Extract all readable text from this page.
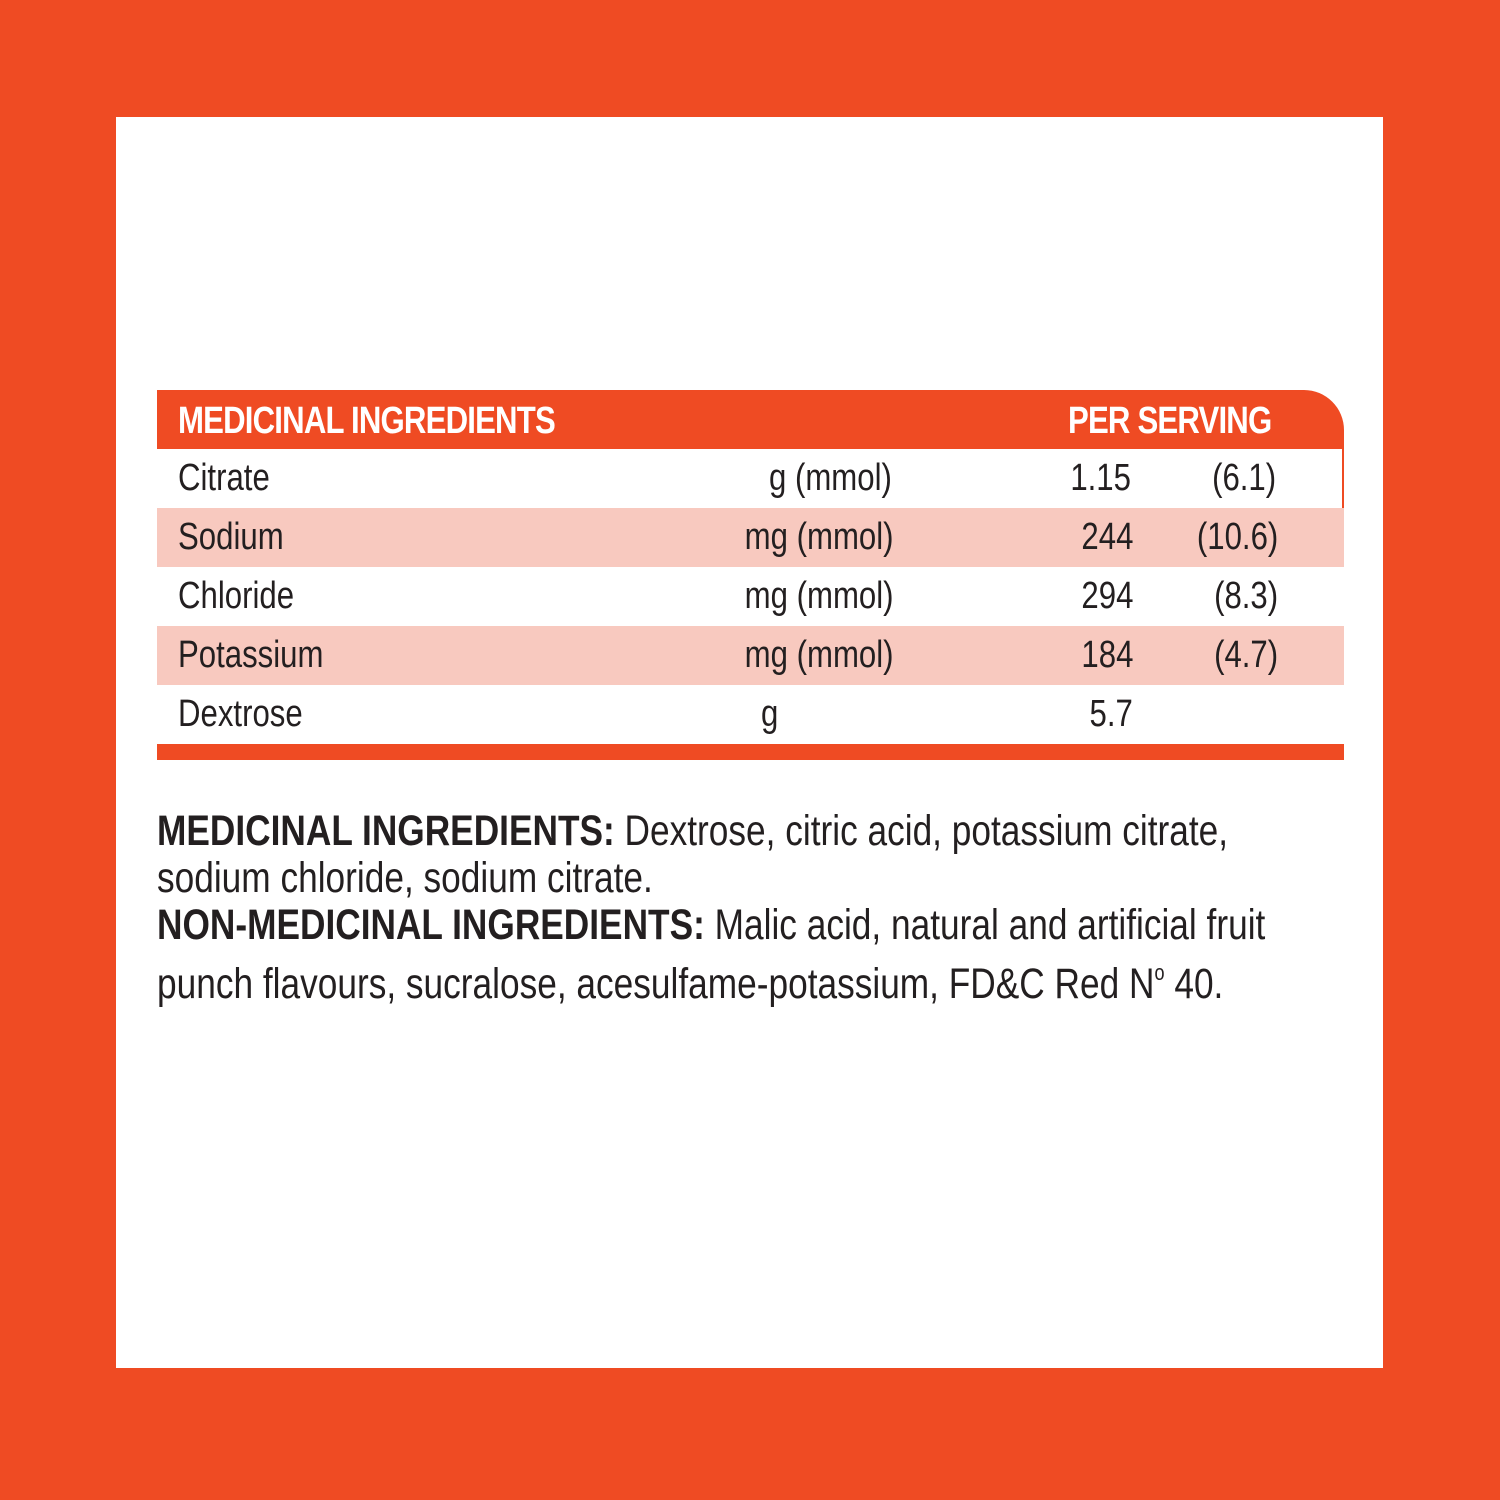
MEDICINAL INGREDIENTS	PER SERVING
Citrate	g (mmol)	1.15 (6.1)
Sodium	mg (mmol)	244 (10.6)
Chloride	mg (mmol)	294 (8.3)
Potassium	mg (mmol)	184 (4.7)
Dextrose	g	5.7

MEDICINAL INGREDIENTS: Dextrose, citric acid, potassium citrate, sodium chloride, sodium citrate.

NON-MEDICINAL INGREDIENTS: Malic acid, natural and artificial fruit punch flavours, sucralose, acesulfame-potassium, FD&C Red $N^o$ 40.
